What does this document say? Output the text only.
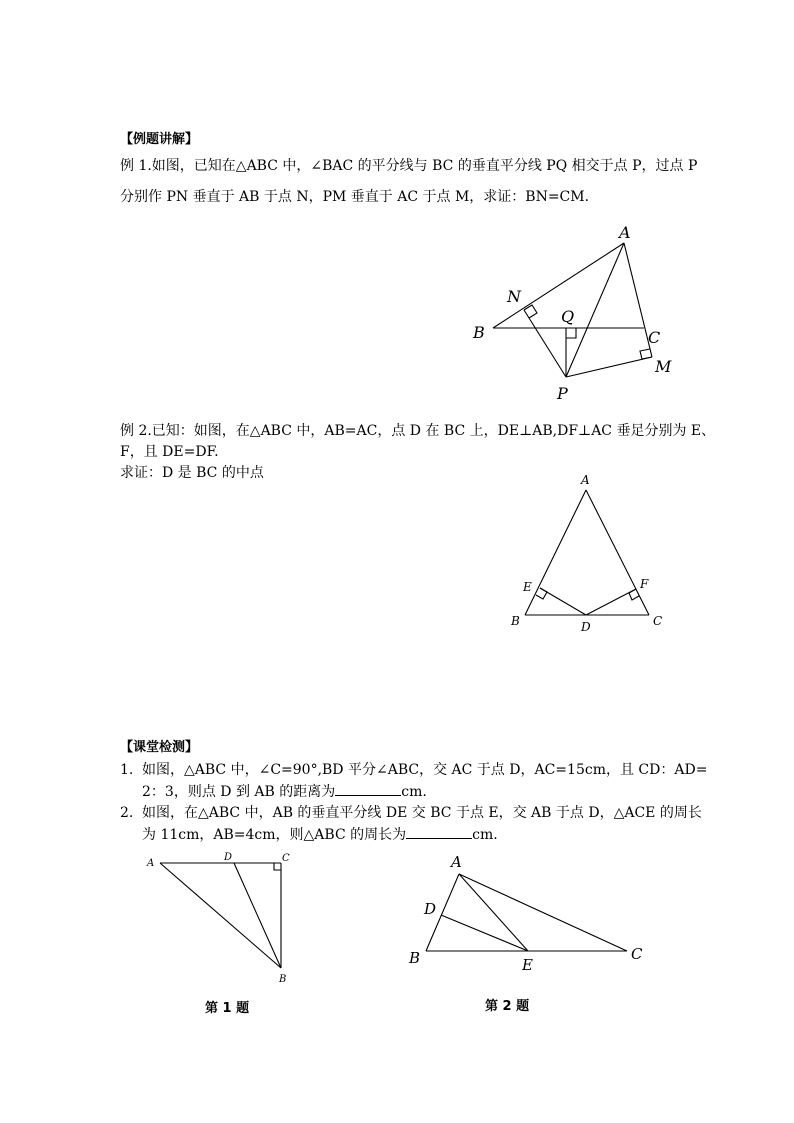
【例题讲解】
例 1.如图，已知在△ABC 中，∠BAC 的平分线与 BC 的垂直平分线 PQ 相交于点 P，过点 P
分别作 PN 垂直于 AB 于点 N，PM 垂直于 AC 于点 M，求证：BN=CM．
A
B	C
N
Q
P
M
例 2.已知：如图，在△ABC 中，AB=AC，点 D 在 BC 上，DE⊥AB,DF⊥AC 垂足分别为 E、
F，且 DE=DF.
求证：D 是 BC 的中点	A
B	C
D
E	F
【课堂检测】
1. 如图，△ABC 中，∠C=90°,BD 平分∠ABC，交 AC 于点 D，AC=15cm，且 CD：AD=
2：3，则点 D 到 AB 的距离为	cm.
2. 如图，在△ABC 中，AB 的垂直平分线 DE 交 BC 于点 E，交 AB 于点 D，△ACE 的周长
为 11cm，AB=4cm，则△ABC 的周长为	cm.
A
D	C
B
第 1 题
A
D
B	E
C
第 2 题
